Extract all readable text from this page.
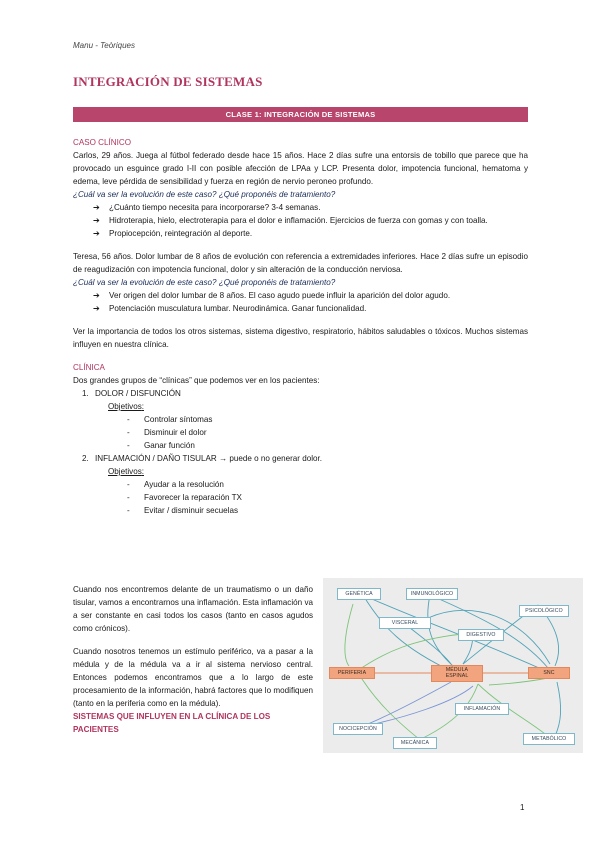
Manu - Teòriques
INTEGRACIÓN DE SISTEMAS
CLASE 1: INTEGRACIÓN DE SISTEMAS

CASO CLÍNICO

Carlos, 29 años. Juega al fútbol federado desde hace 15 años. Hace 2 días sufre una entorsis de tobillo que parece que ha provocado un esguince grado I-II con posible afección de LPAa y LCP. Presenta dolor, impotencia funcional, hematoma y edema, leve pérdida de sensibilidad y fuerza en región de nervio peroneo profundo.

¿Cuál va ser la evolución de este caso? ¿Qué proponéis de tratamiento?

➔ ¿Cuánto tiempo necesita para incorporarse? 3-4 semanas.
➔ Hidroterapia, hielo, electroterapia para el dolor e inflamación. Ejercicios de fuerza con gomas y con toalla.
➔ Propiocepción, reintegración al deporte.

Teresa, 56 años. Dolor lumbar de 8 años de evolución con referencia a extremidades inferiores. Hace 2 días sufre un episodio de reagudización con impotencia funcional, dolor y sin alteración de la conducción nerviosa.

¿Cuál va ser la evolución de este caso? ¿Qué proponéis de tratamiento?

➔ Ver origen del dolor lumbar de 8 años. El caso agudo puede influir la aparición del dolor agudo.
➔ Potenciación musculatura lumbar. Neurodinámica. Ganar funcionalidad.

Ver la importancia de todos los otros sistemas, sistema digestivo, respiratorio, hábitos saludables o tóxicos. Muchos sistemas influyen en nuestra clínica.

CLÍNICA

Dos grandes grupos de “clínicas” que podemos ver en los pacientes:

1. DOLOR / DISFUNCIÓN

Objetivos:

- Controlar síntomas
- Disminuir el dolor
- Ganar función
2. INFLAMACIÓN / DAÑO TISULAR → puede o no generar dolor.

Objetivos:

- Ayudar a la resolución
- Favorecer la reparación TX
- Evitar / disminuir secuelas

Cuando nos encontremos delante de un traumatismo o un daño tisular, vamos a encontrarnos una inflamación. Esta inflamación va a ser constante en casi todos los casos (tanto en casos agudos como crónicos).

Cuando nosotros tenemos un estímulo periférico, va a pasar a la médula y de la médula va a ir al sistema nervioso central. Entonces podemos encontramos que a lo largo de este procesamiento de la información, habrá factores que lo modifiquen (tanto en la periferia como en la médula).

SISTEMAS QUE INFLUYEN EN LA CLÍNICA DE LOS PACIENTES

GENÉTICA	INMUNOLÓGICO
PSICOLÓGICO
VISCERAL
DIGESTIVO
PERIFERIA	MÉDULA
ESPINAL	SNC
INFLAMACIÓN
NOCICEPCIÓN
MECÁNICA
METABÓLICO
1
